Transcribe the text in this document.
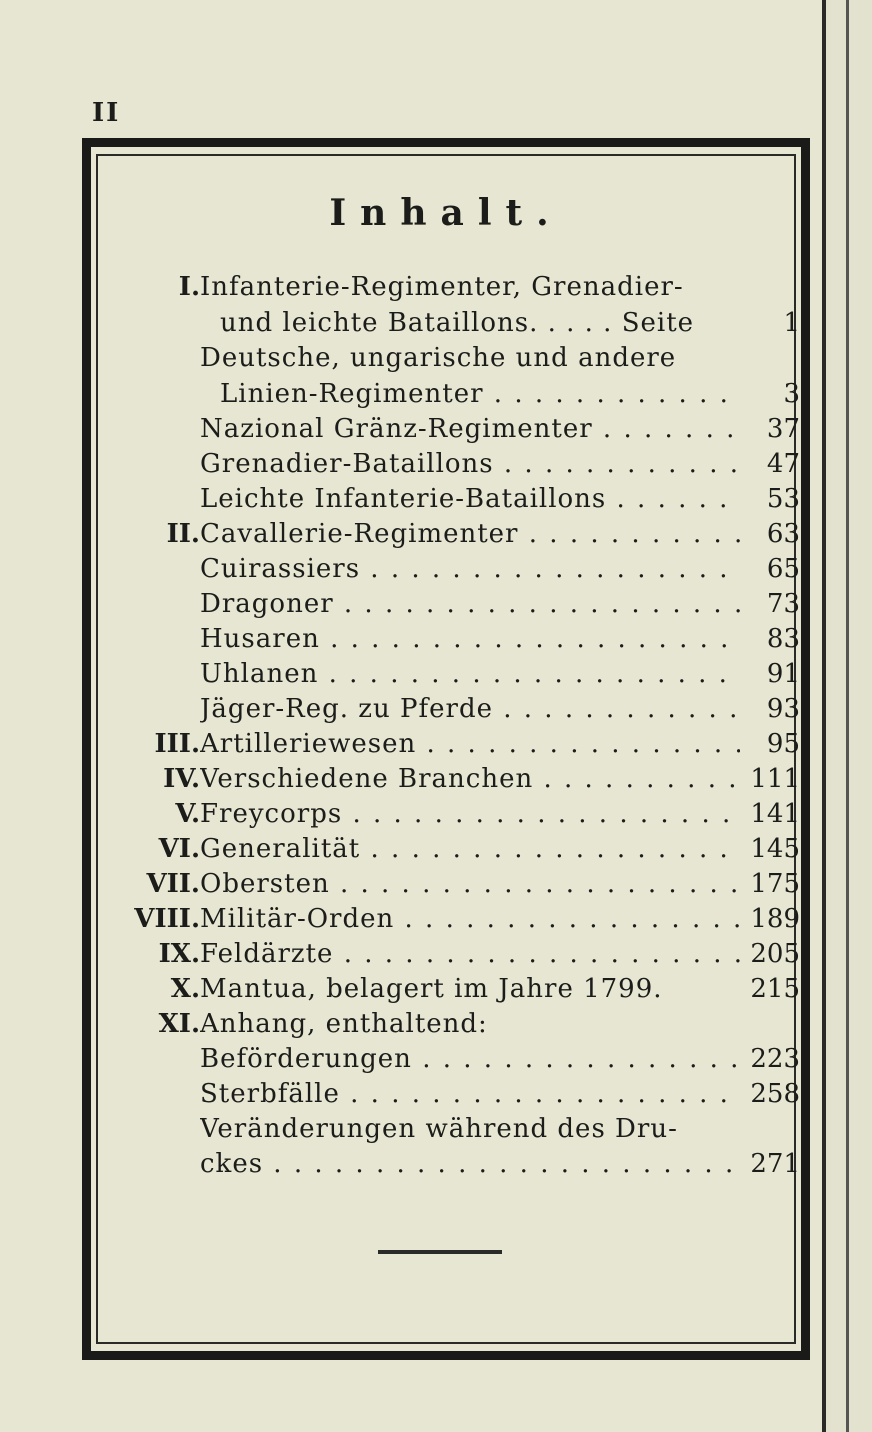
II
Inhalt.
I. Infanterie-Regimenter, Grenadier-
und leichte Bataillons. . . . . Seite	1
Deutsche, ungarische und andere
Linien-Regimenter . . .	3
Nazional Gränz-Regimenter . . .	37
Grenadier-Bataillons . . .	47
Leichte Infanterie-Bataillons . . .	53
II. Cavallerie-Regimenter . . .	63
Cuirassiers . . .	65
Dragoner . . .	73
Husaren . . .	83
Uhlanen . . .	91
Jäger-Reg. zu Pferde . . .	93
III. Artilleriewesen . . .	95
IV. Verschiedene Branchen . . .	111
V. Freycorps . . .	141
VI. Generalität . . .	145
VII. Obersten . . .	175
VIII. Militär-Orden . . .	189
IX. Feldärzte . . .	205
X. Mantua, belagert im Jahre 1799.	215
XI. Anhang, enthaltend:
Beförderungen . . .	223
Sterbfälle . . .	258
Veränderungen während des Dru-
ckes . . .	271
